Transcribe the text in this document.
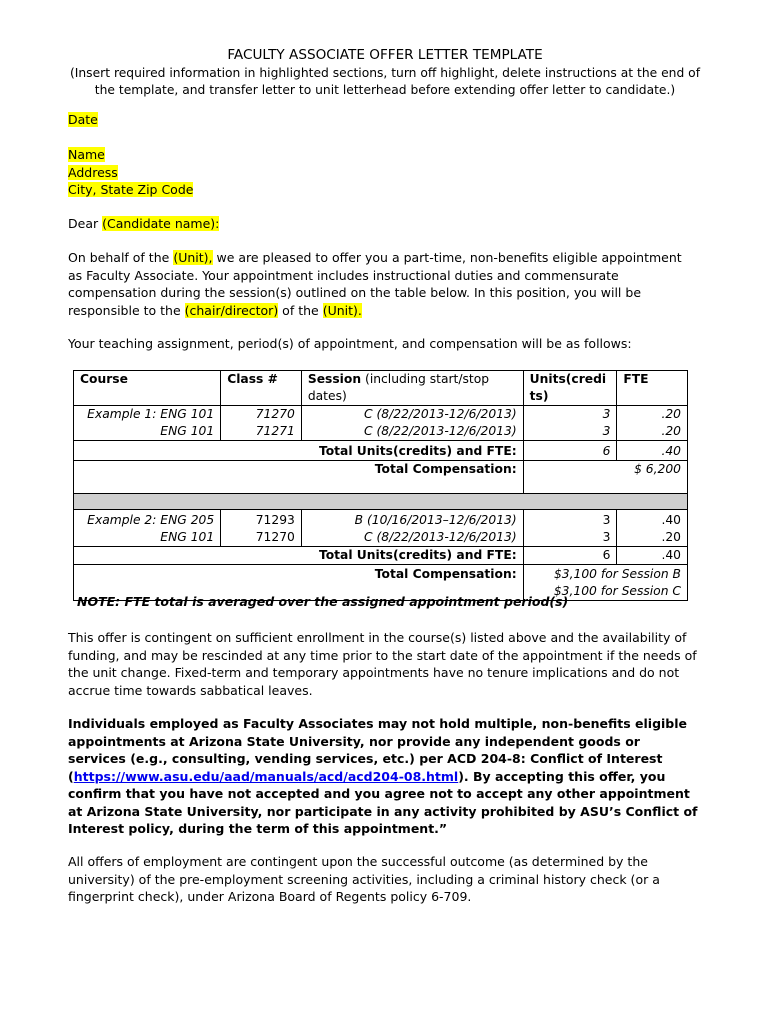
FACULTY ASSOCIATE OFFER LETTER TEMPLATE
(Insert required information in highlighted sections, turn off highlight, delete instructions at the end of the template, and transfer letter to unit letterhead before extending offer letter to candidate.)
Date
Name
Address
City, State Zip Code
Dear (Candidate name):
On behalf of the (Unit), we are pleased to offer you a part-time, non-benefits eligible appointment as Faculty Associate. Your appointment includes instructional duties and commensurate compensation during the session(s) outlined on the table below. In this position, you will be responsible to the (chair/director) of the (Unit).
Your teaching assignment, period(s) of appointment, and compensation will be as follows:
Course	Class #	Session (including start/stop dates)	Units(credits)	FTE
Example 1: ENG 101	71270	C (8/22/2013-12/6/2013)	3	.20
ENG 101	71271	C (8/22/2013-12/6/2013)	3	.20
Total Units(credits) and FTE:			6	.40
Total Compensation:			$ 6,200	

Example 2: ENG 205	71293	B (10/16/2013–12/6/2013)	3	.40
ENG 101	71270	C (8/22/2013-12/6/2013)	3	.20
Total Units(credits) and FTE:			6	.40
Total Compensation:			$3,100 for Session B
$3,100 for Session C	
NOTE: FTE total is averaged over the assigned appointment period(s)
This offer is contingent on sufficient enrollment in the course(s) listed above and the availability of funding, and may be rescinded at any time prior to the start date of the appointment if the needs of the unit change. Fixed-term and temporary appointments have no tenure implications and do not accrue time towards sabbatical leaves.
Individuals employed as Faculty Associates may not hold multiple, non-benefits eligible appointments at Arizona State University, nor provide any independent goods or services (e.g., consulting, vending services, etc.) per ACD 204-8: Conflict of Interest (https://www.asu.edu/aad/manuals/acd/acd204-08.html). By accepting this offer, you confirm that you have not accepted and you agree not to accept any other appointment at Arizona State University, nor participate in any activity prohibited by ASU’s Conflict of Interest policy, during the term of this appointment.”
All offers of employment are contingent upon the successful outcome (as determined by the university) of the pre-employment screening activities, including a criminal history check (or a fingerprint check), under Arizona Board of Regents policy 6-709.
